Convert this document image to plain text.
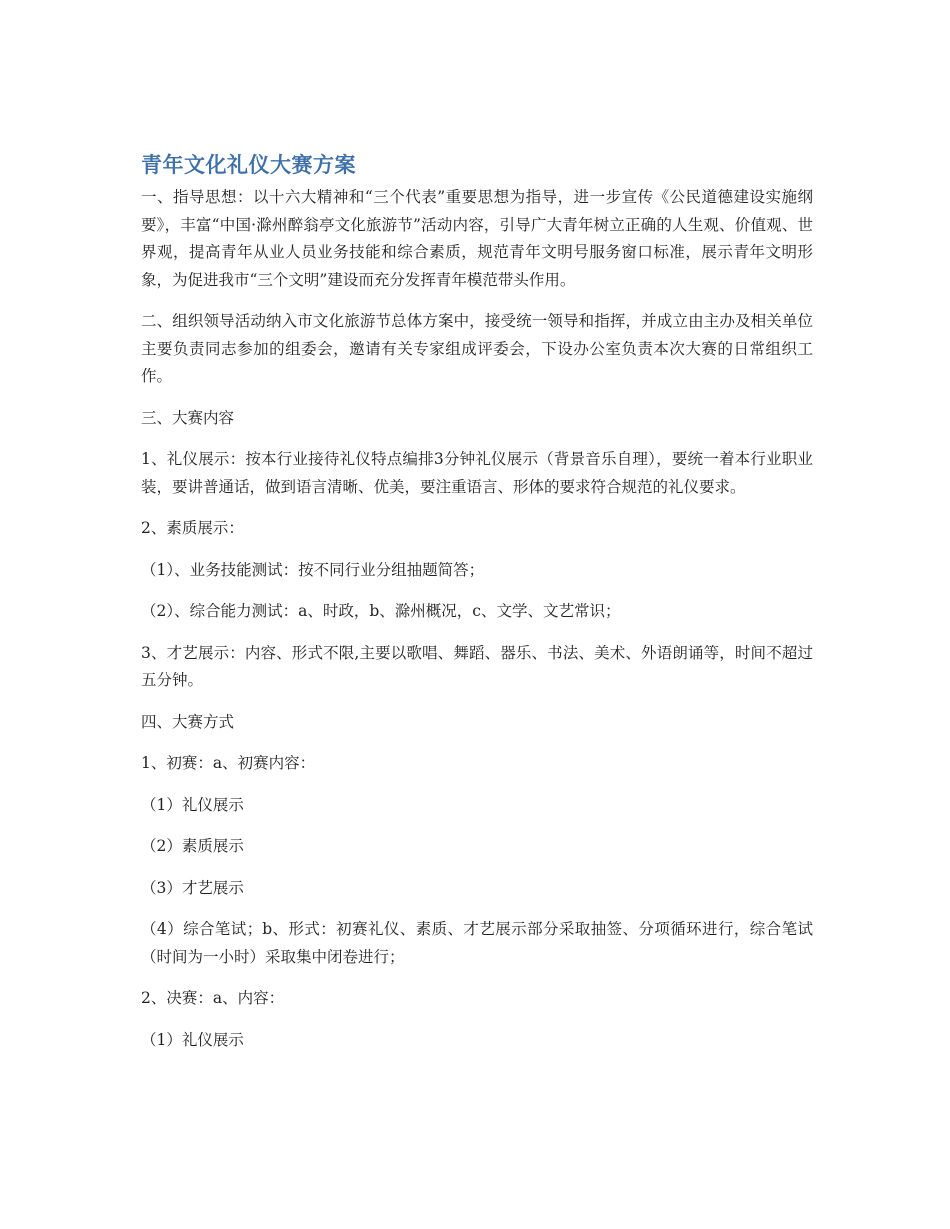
青年文化礼仪大赛方案

一、指导思想：以十六大精神和“三个代表”重要思想为指导，进一步宣传《公民道德建设实施纲要》，丰富“中国·滁州醉翁亭文化旅游节”活动内容，引导广大青年树立正确的人生观、价值观、世界观，提高青年从业人员业务技能和综合素质，规范青年文明号服务窗口标准，展示青年文明形象，为促进我市“三个文明”建设而充分发挥青年模范带头作用。

二、组织领导活动纳入市文化旅游节总体方案中，接受统一领导和指挥，并成立由主办及相关单位主要负责同志参加的组委会，邀请有关专家组成评委会，下设办公室负责本次大赛的日常组织工作。

三、大赛内容

1、礼仪展示：按本行业接待礼仪特点编排3分钟礼仪展示（背景音乐自理），要统一着本行业职业装，要讲普通话，做到语言清晰、优美，要注重语言、形体的要求符合规范的礼仪要求。

2、素质展示：

（1）、业务技能测试：按不同行业分组抽题简答；

（2）、综合能力测试：a、时政，b、滁州概况，c、文学、文艺常识；

3、才艺展示：内容、形式不限,主要以歌唱、舞蹈、器乐、书法、美术、外语朗诵等，时间不超过五分钟。

四、大赛方式

1、初赛：a、初赛内容：

（1）礼仪展示

（2）素质展示

（3）才艺展示

（4）综合笔试；b、形式：初赛礼仪、素质、才艺展示部分采取抽签、分项循环进行，综合笔试（时间为一小时）采取集中闭卷进行；

2、决赛：a、内容：

（1）礼仪展示
